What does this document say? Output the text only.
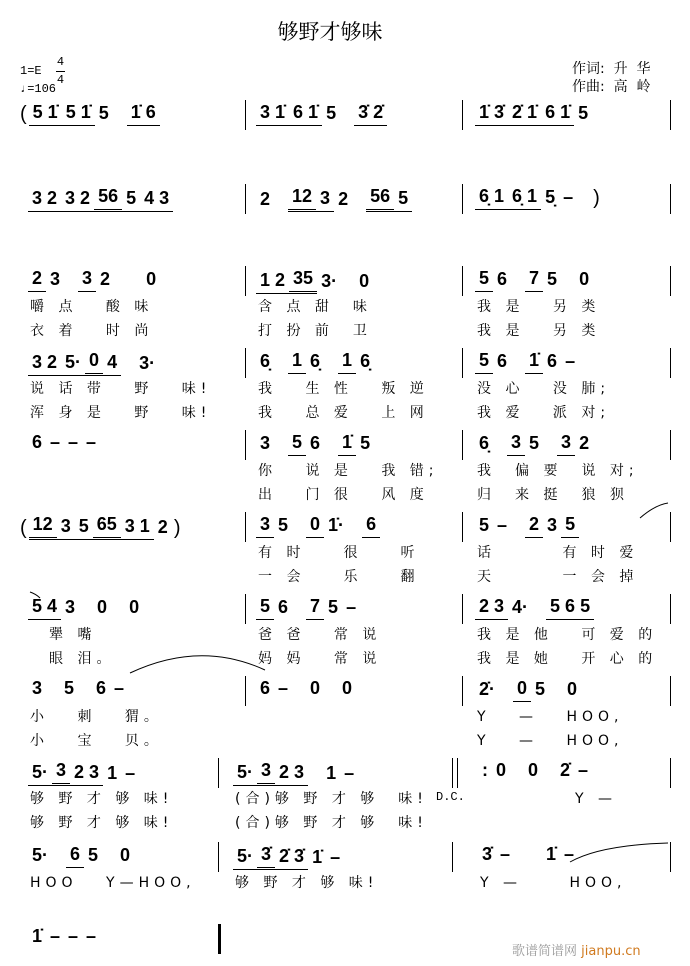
够野才够味
1=E
4
4
♩=106
作词:  升  华
作曲:  高  岭
( 5 1̇ 5 1̇ 5 1̇ 6	3 1̇ 6 1̇ 5 3̇ 2̇	1̇ 3̇ 2̇ 1̇ 6 1̇ 5
3 2 3 2 56 5 4 3	2 12 3 2 56 5	6̣ 1 6̣ 1 5̣ – )
2 3 3 2 0
嚼 点　 酸 味
衣 着　 时 尚
1 2 35 3· 0
含 点 甜　味
打 扮 前　卫
5 6 7 5 0
我 是　 另 类
我 是　 另 类
3 2 5· 0 4 3·
说 话 带　 野　 味!
浑 身 是　 野　 味!
6̣ 1 6̣ 1 6̣
我　 生 性　 叛 逆
我　 总 爱　 上 网
5 6 1̇ 6 –
没 心　 没 肺;
我 爱　 派 对;
6 – – –	3 5 6 1̇ 5
你　 说 是　 我 错;
出　 门 很　 风 度
6̣ 3 5 3 2
我　偏 要　说 对;
归　来 挺　狼 狈
( 12 3 5 65 3 1 2 )	3 5 0 1̇· 6
有 时　　很　　听
一 会　　乐　　翻
5 – 2 3 5
话　　　 有 时 爱
天　　　 一 会 掉
5 4 3 0 0
　犟 嘴
　眼 泪。
5 6 7 5 –
爸 爸　 常 说
妈 妈　 常 说
2 3 4· 5 6 5
我 是 他　 可 爱 的
我 是 她　 开 心 的
3 5 6 –
小　 刺　 猬。
小　 宝　 贝。
6 – 0 0	2̇· 0 5 0
Y　 —　 HOO,
Y　 —　 HOO,
5· 3 2 3 1 –
够 野 才 够 味!
够 野 才 够 味!
5· 3 2 3 1 –
(合)够 野 才 够　味!
(合)够 野 才 够　味!
: 0 0 2̇ –
　　　　　Y —
D.C.
5· 6 5 0
HOO　 Y—HOO,
5· 3̇ 2̇ 3̇ 1̇ –
够 野 才 够 味!
3̇ – 1̇ –
Y —　　 HOO,
1̇ – – –
歌谱简谱网 jianpu.cn
